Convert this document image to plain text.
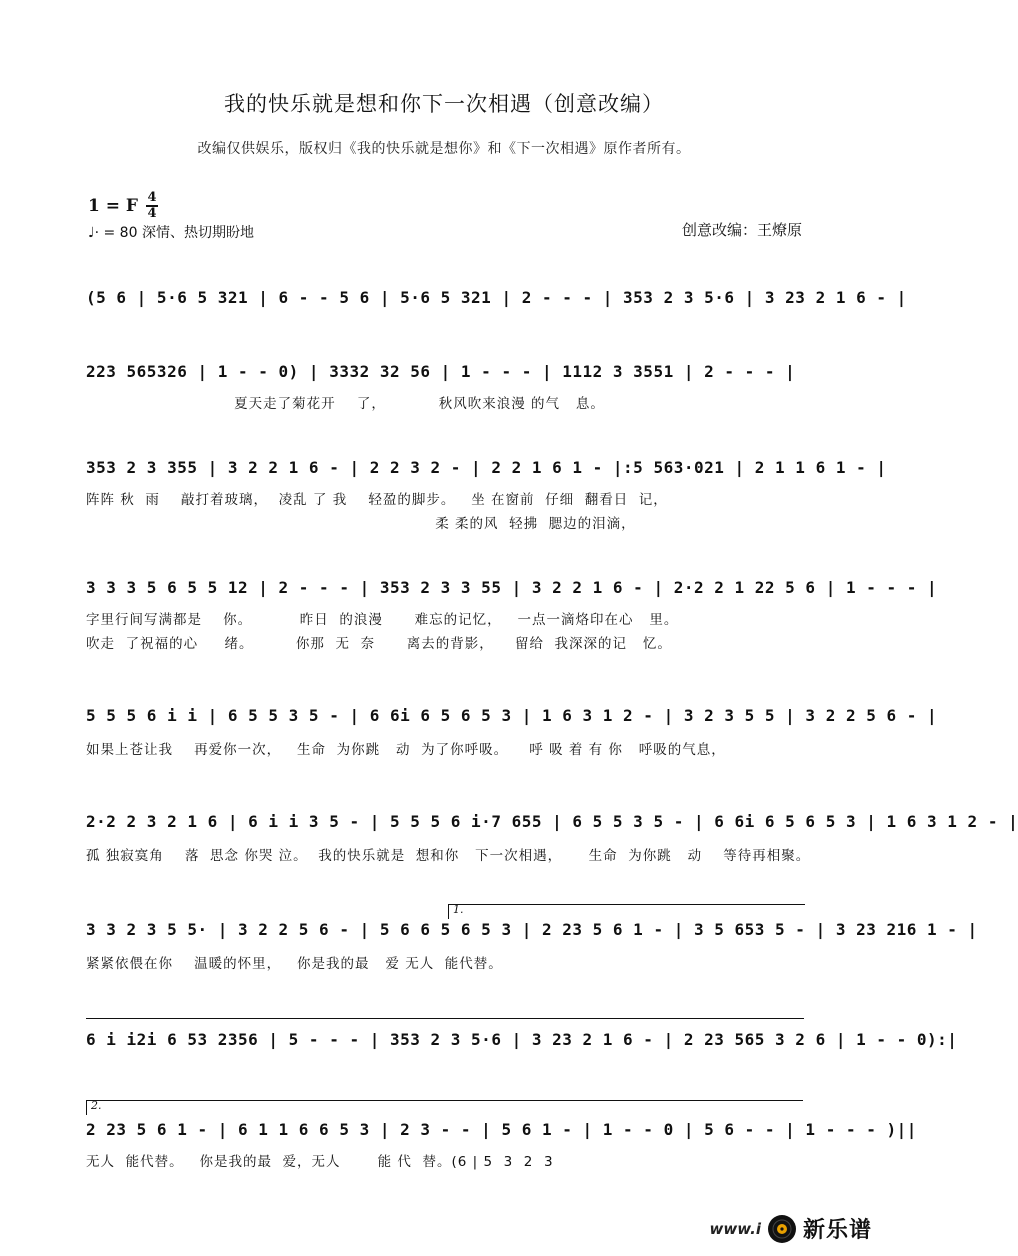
我的快乐就是想和你下一次相遇（创意改编）
改编仅供娱乐，版权归《我的快乐就是想你》和《下一次相遇》原作者所有。
1 = F 4
4
♩· = 80 深情、热切期盼地	创意改编：王燎原
(5 6 | 5·6 5 321 | 6 - - 5 6 | 5·6 5 321 | 2 - - - | 353 2 3 5·6 | 3 23 2 1 6 - |
223 565326 | 1 - - 0) | 3332 32 56 | 1 - - - | 1112 3 3551 | 2 - - - |
夏天走了菊花开    了，          秋风吹来浪漫 的气   息。
353 2 3 355 | 3 2 2 1 6 - | 2 2 3 2 - | 2 2 1 6 1 - |:5 563·021 | 2 1 1 6 1 - |
阵阵 秋  雨    敲打着玻璃，  凌乱 了 我    轻盈的脚步。   坐 在窗前  仔细  翻看日  记，
柔 柔的风  轻拂  腮边的泪滴，
3 3 3 5 6 5 5 12 | 2 - - - | 353 2 3 3 55 | 3 2 2 1 6 - | 2·2 2 1 22 5 6 | 1 - - - |
字里行间写满都是    你。         昨日  的浪漫      难忘的记忆，   一点一滴烙印在心   里。
吹走  了祝福的心     绪。        你那  无  奈      离去的背影，    留给  我深深的记   忆。
5 5 5 6 i i | 6 5 5 3 5 - | 6 6i 6 5 6 5 3 | 1 6 3 1 2 - | 3 2 3 5 5 | 3 2 2 5 6 - |
如果上苍让我    再爱你一次，   生命  为你跳   动  为了你呼吸。    呼 吸 着 有 你   呼吸的气息，
2·2 2 3 2 1 6 | 6 i i 3 5 - | 5 5 5 6 i·7 655 | 6 5 5 3 5 - | 6 6i 6 5 6 5 3 | 1 6 3 1 2 - |
孤 独寂寞角    落  思念 你哭 泣。  我的快乐就是  想和你   下一次相遇，     生命  为你跳   动    等待再相聚。
1.
3 3 2 3 5 5· | 3 2 2 5 6 - | 5 6 6 5 6 5 3 | 2 23 5 6 1 - | 3 5 653 5 - | 3 23 216 1 - |
紧紧依偎在你    温暖的怀里，   你是我的最   爱 无人  能代替。
6 i i2i 6 53 2356 | 5 - - - | 353 2 3 5·6 | 3 23 2 1 6 - | 2 23 565 3 2 6 | 1 - - 0):|
2.
2 23 5 6 1 - | 6 1 1 6 6 5 3 | 2 3 - - | 5 6 1 - | 1 - - 0 | 5 6 - - | 1 - - - )||
无人  能代替。   你是我的最  爱，无人       能 代  替。(6 | 5  3  2  3
www.i 新乐谱
